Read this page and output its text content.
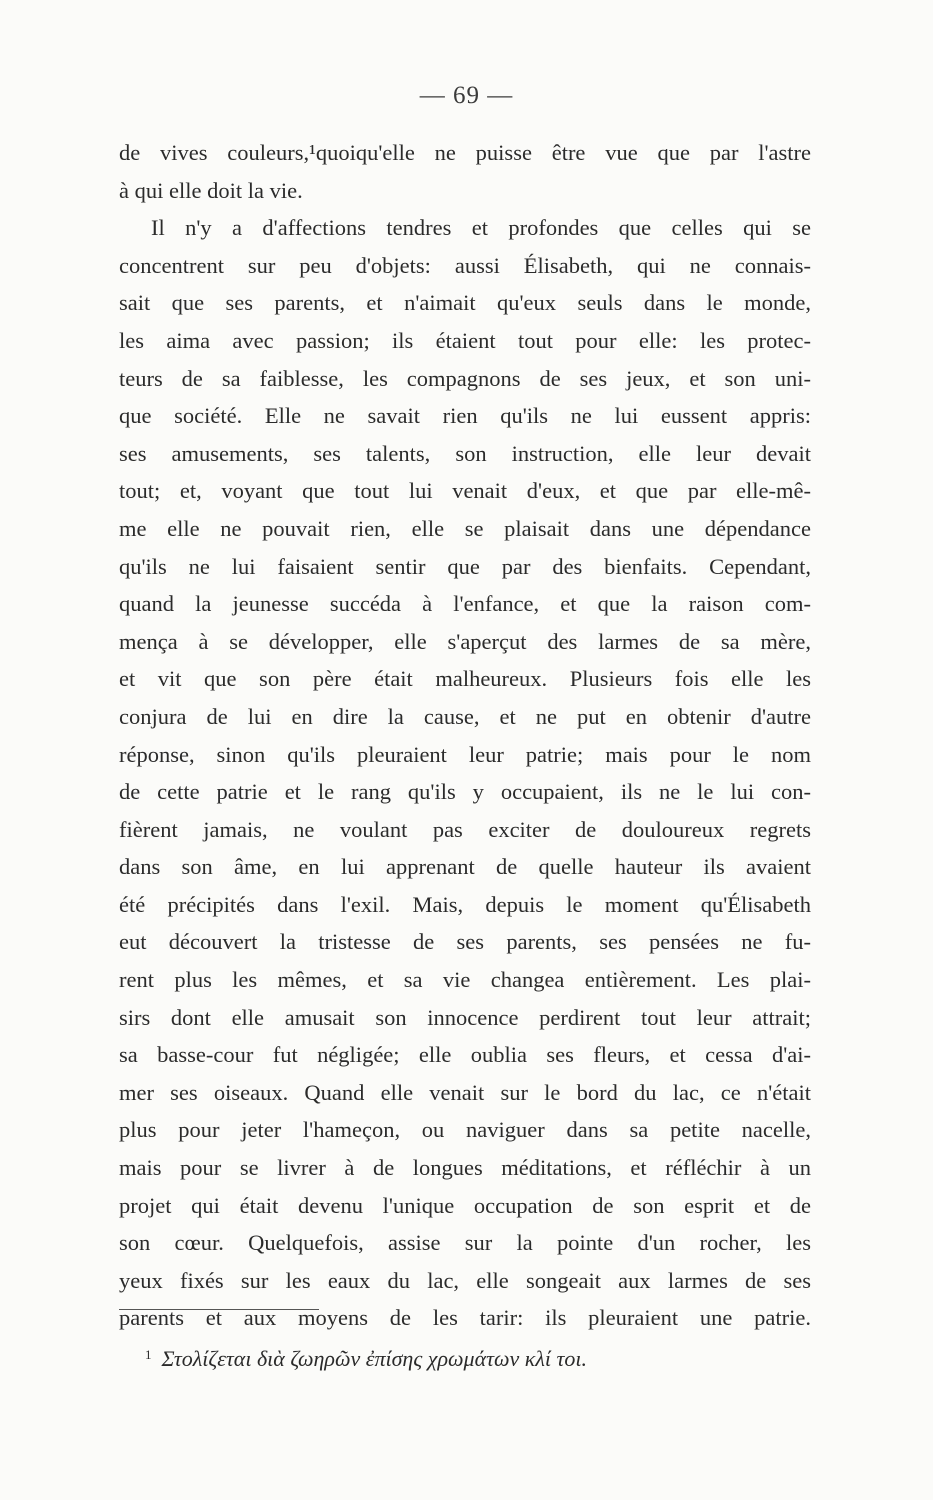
— 69 —
de vives couleurs,¹quoiqu'elle ne puisse être vue que par l'astre
à qui elle doit la vie.
Il n'y a d'affections tendres et profondes que celles qui se
concentrent sur peu d'objets: aussi Élisabeth, qui ne connais-
sait que ses parents, et n'aimait qu'eux seuls dans le monde,
les aima avec passion; ils étaient tout pour elle: les protec-
teurs de sa faiblesse, les compagnons de ses jeux, et son uni-
que société. Elle ne savait rien qu'ils ne lui eussent appris:
ses amusements, ses talents, son instruction, elle leur devait
tout; et, voyant que tout lui venait d'eux, et que par elle-mê-
me elle ne pouvait rien, elle se plaisait dans une dépendance
qu'ils ne lui faisaient sentir que par des bienfaits. Cependant,
quand la jeunesse succéda à l'enfance, et que la raison com-
mença à se développer, elle s'aperçut des larmes de sa mère,
et vit que son père était malheureux. Plusieurs fois elle les
conjura de lui en dire la cause, et ne put en obtenir d'autre
réponse, sinon qu'ils pleuraient leur patrie; mais pour le nom
de cette patrie et le rang qu'ils y occupaient, ils ne le lui con-
fièrent jamais, ne voulant pas exciter de douloureux regrets
dans son âme, en lui apprenant de quelle hauteur ils avaient
été précipités dans l'exil. Mais, depuis le moment qu'Élisabeth
eut découvert la tristesse de ses parents, ses pensées ne fu-
rent plus les mêmes, et sa vie changea entièrement. Les plai-
sirs dont elle amusait son innocence perdirent tout leur attrait;
sa basse-cour fut négligée; elle oublia ses fleurs, et cessa d'ai-
mer ses oiseaux. Quand elle venait sur le bord du lac, ce n'était
plus pour jeter l'hameçon, ou naviguer dans sa petite nacelle,
mais pour se livrer à de longues méditations, et réfléchir à un
projet qui était devenu l'unique occupation de son esprit et de
son cœur. Quelquefois, assise sur la pointe d'un rocher, les
yeux fixés sur les eaux du lac, elle songeait aux larmes de ses
parents et aux moyens de les tarir: ils pleuraient une patrie.
$^1$ Στολίζεται διὰ ζωηρῶν ἐπίσης χρωμάτων κλί τοι.
